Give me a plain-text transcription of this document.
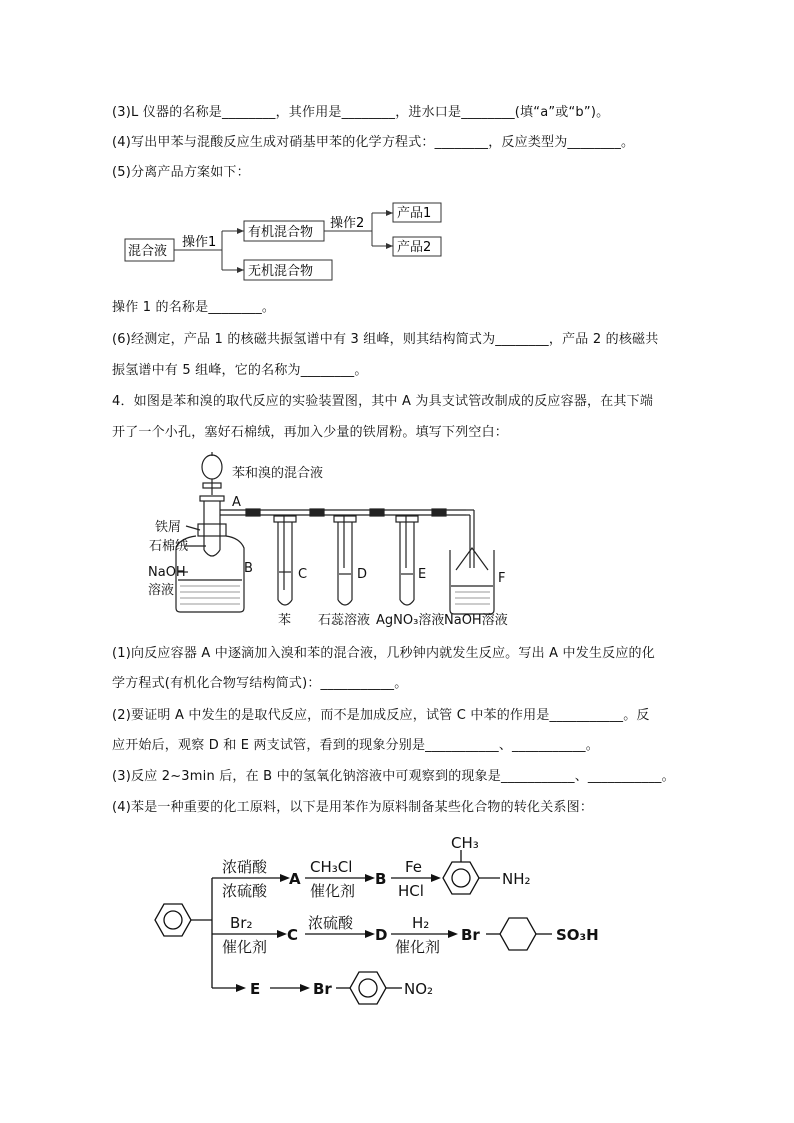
(3)L 仪器的名称是________，其作用是________，进水口是________(填“a”或“b”)。
(4)写出甲苯与混酸反应生成对硝基甲苯的化学方程式：________，反应类型为________。
(5)分离产品方案如下：
混合液
操作1
有机混合物
无机混合物
操作2
产品1
产品2
操作 1 的名称是________。
(6)经测定，产品 1 的核磁共振氢谱中有 3 组峰，则其结构简式为________，产品 2 的核磁共
振氢谱中有 5 组峰，它的名称为________。
4．如图是苯和溴的取代反应的实验装置图，其中 A 为具支试管改制成的反应容器，在其下端
开了一个小孔，塞好石棉绒，再加入少量的铁屑粉。填写下列空白：
苯和溴的混合液
A
铁屑
石棉绒
NaOH
溶液
B	C	D	E	F
苯 石蕊溶液 AgNO₃溶液 NaOH溶液
(1)向反应容器 A 中逐滴加入溴和苯的混合液，几秒钟内就发生反应。写出 A 中发生反应的化
学方程式(有机化合物写结构简式)：___________。
(2)要证明 A 中发生的是取代反应，而不是加成反应，试管 C 中苯的作用是___________。反
应开始后，观察 D 和 E 两支试管，看到的现象分别是___________、___________。
(3)反应 2~3min 后，在 B 中的氢氧化钠溶液中可观察到的现象是___________、___________。
(4)苯是一种重要的化工原料，以下是用苯作为原料制备某些化合物的转化关系图：
浓硝酸
浓硫酸
A
CH₃Cl
催化剂
B
Fe
HCl
CH₃
NH₂
Br₂
催化剂
C
浓硫酸
D
H₂
催化剂
Br	SO₃H
E	Br	NO₂
